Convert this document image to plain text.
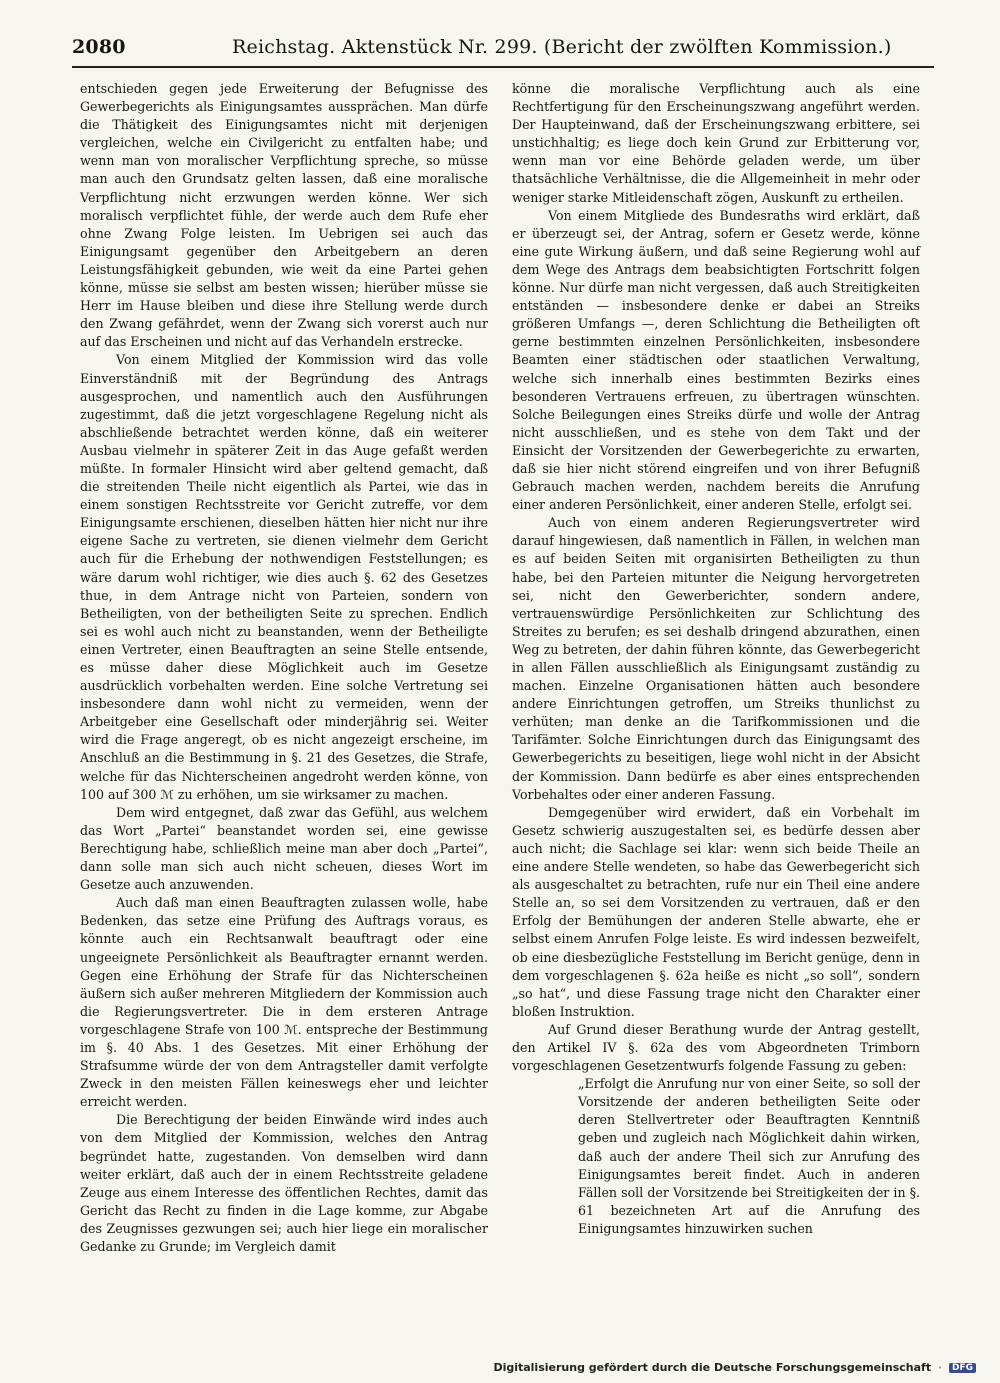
2080	Reichstag. Aktenstück Nr. 299. (Bericht der zwölften Kommission.)

entschieden gegen jede Erweiterung der Befugnisse des Gewerbegerichts als Einigungsamtes aussprächen. Man dürfe die Thätigkeit des Einigungsamtes nicht mit derjenigen vergleichen, welche ein Civilgericht zu entfalten habe; und wenn man von moralischer Verpflichtung spreche, so müsse man auch den Grundsatz gelten lassen, daß eine moralische Verpflichtung nicht erzwungen werden könne. Wer sich moralisch verpflichtet fühle, der werde auch dem Rufe eher ohne Zwang Folge leisten. Im Uebrigen sei auch das Einigungsamt gegenüber den Arbeitgebern an deren Leistungsfähigkeit gebunden, wie weit da eine Partei gehen könne, müsse sie selbst am besten wissen; hierüber müsse sie Herr im Hause bleiben und diese ihre Stellung werde durch den Zwang gefährdet, wenn der Zwang sich vorerst auch nur auf das Erscheinen und nicht auf das Verhandeln erstrecke.

Von einem Mitglied der Kommission wird das volle Einverständniß mit der Begründung des Antrags ausgesprochen, und namentlich auch den Ausführungen zugestimmt, daß die jetzt vorgeschlagene Regelung nicht als abschließende betrachtet werden könne, daß ein weiterer Ausbau vielmehr in späterer Zeit in das Auge gefaßt werden müßte. In formaler Hinsicht wird aber geltend gemacht, daß die streitenden Theile nicht eigentlich als Partei, wie das in einem sonstigen Rechtsstreite vor Gericht zutreffe, vor dem Einigungsamte erschienen, dieselben hätten hier nicht nur ihre eigene Sache zu vertreten, sie dienen vielmehr dem Gericht auch für die Erhebung der nothwendigen Feststellungen; es wäre darum wohl richtiger, wie dies auch §. 62 des Gesetzes thue, in dem Antrage nicht von Parteien, sondern von Betheiligten, von der betheiligten Seite zu sprechen. Endlich sei es wohl auch nicht zu beanstanden, wenn der Betheiligte einen Vertreter, einen Beauftragten an seine Stelle entsende, es müsse daher diese Möglichkeit auch im Gesetze ausdrücklich vorbehalten werden. Eine solche Vertretung sei insbesondere dann wohl nicht zu vermeiden, wenn der Arbeitgeber eine Gesellschaft oder minderjährig sei. Weiter wird die Frage angeregt, ob es nicht angezeigt erscheine, im Anschluß an die Bestimmung in §. 21 des Gesetzes, die Strafe, welche für das Nichterscheinen angedroht werden könne, von 100 auf 300 ℳ zu erhöhen, um sie wirksamer zu machen.

Dem wird entgegnet, daß zwar das Gefühl, aus welchem das Wort „Partei“ beanstandet worden sei, eine gewisse Berechtigung habe, schließlich meine man aber doch „Partei“, dann solle man sich auch nicht scheuen, dieses Wort im Gesetze auch anzuwenden.

Auch daß man einen Beauftragten zulassen wolle, habe Bedenken, das setze eine Prüfung des Auftrags voraus, es könnte auch ein Rechtsanwalt beauftragt oder eine ungeeignete Persönlichkeit als Beauftragter ernannt werden. Gegen eine Erhöhung der Strafe für das Nichterscheinen äußern sich außer mehreren Mitgliedern der Kommission auch die Regierungsvertreter. Die in dem ersteren Antrage vorgeschlagene Strafe von 100 ℳ. entspreche der Bestimmung im §. 40 Abs. 1 des Gesetzes. Mit einer Erhöhung der Strafsumme würde der von dem Antragsteller damit verfolgte Zweck in den meisten Fällen keineswegs eher und leichter erreicht werden.

Die Berechtigung der beiden Einwände wird indes auch von dem Mitglied der Kommission, welches den Antrag begründet hatte, zugestanden. Von demselben wird dann weiter erklärt, daß auch der in einem Rechtsstreite geladene Zeuge aus einem Interesse des öffentlichen Rechtes, damit das Gericht das Recht zu finden in die Lage komme, zur Abgabe des Zeugnisses gezwungen sei; auch hier liege ein moralischer Gedanke zu Grunde; im Vergleich damit

könne die moralische Verpflichtung auch als eine Rechtfertigung für den Erscheinungszwang angeführt werden. Der Haupteinwand, daß der Erscheinungszwang erbittere, sei unstichhaltig; es liege doch kein Grund zur Erbitterung vor, wenn man vor eine Behörde geladen werde, um über thatsächliche Verhältnisse, die die Allgemeinheit in mehr oder weniger starke Mitleidenschaft zögen, Auskunft zu ertheilen.

Von einem Mitgliede des Bundesraths wird erklärt, daß er überzeugt sei, der Antrag, sofern er Gesetz werde, könne eine gute Wirkung äußern, und daß seine Regierung wohl auf dem Wege des Antrags dem beabsichtigten Fortschritt folgen könne. Nur dürfe man nicht vergessen, daß auch Streitigkeiten entständen — insbesondere denke er dabei an Streiks größeren Umfangs —, deren Schlichtung die Betheiligten oft gerne bestimmten einzelnen Persönlichkeiten, insbesondere Beamten einer städtischen oder staatlichen Verwaltung, welche sich innerhalb eines bestimmten Bezirks eines besonderen Vertrauens erfreuen, zu übertragen wünschten. Solche Beilegungen eines Streiks dürfe und wolle der Antrag nicht ausschließen, und es stehe von dem Takt und der Einsicht der Vorsitzenden der Gewerbegerichte zu erwarten, daß sie hier nicht störend eingreifen und von ihrer Befugniß Gebrauch machen werden, nachdem bereits die Anrufung einer anderen Persönlichkeit, einer anderen Stelle, erfolgt sei.

Auch von einem anderen Regierungsvertreter wird darauf hingewiesen, daß namentlich in Fällen, in welchen man es auf beiden Seiten mit organisirten Betheiligten zu thun habe, bei den Parteien mitunter die Neigung hervorgetreten sei, nicht den Gewerberichter, sondern andere, vertrauenswürdige Persönlichkeiten zur Schlichtung des Streites zu berufen; es sei deshalb dringend abzurathen, einen Weg zu betreten, der dahin führen könnte, das Gewerbegericht in allen Fällen ausschließlich als Einigungsamt zuständig zu machen. Einzelne Organisationen hätten auch besondere andere Einrichtungen getroffen, um Streiks thunlichst zu verhüten; man denke an die Tarifkommissionen und die Tarifämter. Solche Einrichtungen durch das Einigungsamt des Gewerbegerichts zu beseitigen, liege wohl nicht in der Absicht der Kommission. Dann bedürfe es aber eines entsprechenden Vorbehaltes oder einer anderen Fassung.

Demgegenüber wird erwidert, daß ein Vorbehalt im Gesetz schwierig auszugestalten sei, es bedürfe dessen aber auch nicht; die Sachlage sei klar: wenn sich beide Theile an eine andere Stelle wendeten, so habe das Gewerbegericht sich als ausgeschaltet zu betrachten, rufe nur ein Theil eine andere Stelle an, so sei dem Vorsitzenden zu vertrauen, daß er den Erfolg der Bemühungen der anderen Stelle abwarte, ehe er selbst einem Anrufen Folge leiste. Es wird indessen bezweifelt, ob eine diesbezügliche Feststellung im Bericht genüge, denn in dem vorgeschlagenen §. 62a heiße es nicht „so soll“, sondern „so hat“, und diese Fassung trage nicht den Charakter einer bloßen Instruktion.

Auf Grund dieser Berathung wurde der Antrag gestellt, den Artikel IV §. 62a des vom Abgeordneten Trimborn vorgeschlagenen Gesetzentwurfs folgende Fassung zu geben:

„Erfolgt die Anrufung nur von einer Seite, so soll der Vorsitzende der anderen betheiligten Seite oder deren Stellvertreter oder Beauftragten Kenntniß geben und zugleich nach Möglichkeit dahin wirken, daß auch der andere Theil sich zur Anrufung des Einigungsamtes bereit findet. Auch in anderen Fällen soll der Vorsitzende bei Streitigkeiten der in §. 61 bezeichneten Art auf die Anrufung des Einigungsamtes hinzuwirken suchen

Digitalisierung gefördert durch die Deutsche Forschungsgemeinschaft · DFG
